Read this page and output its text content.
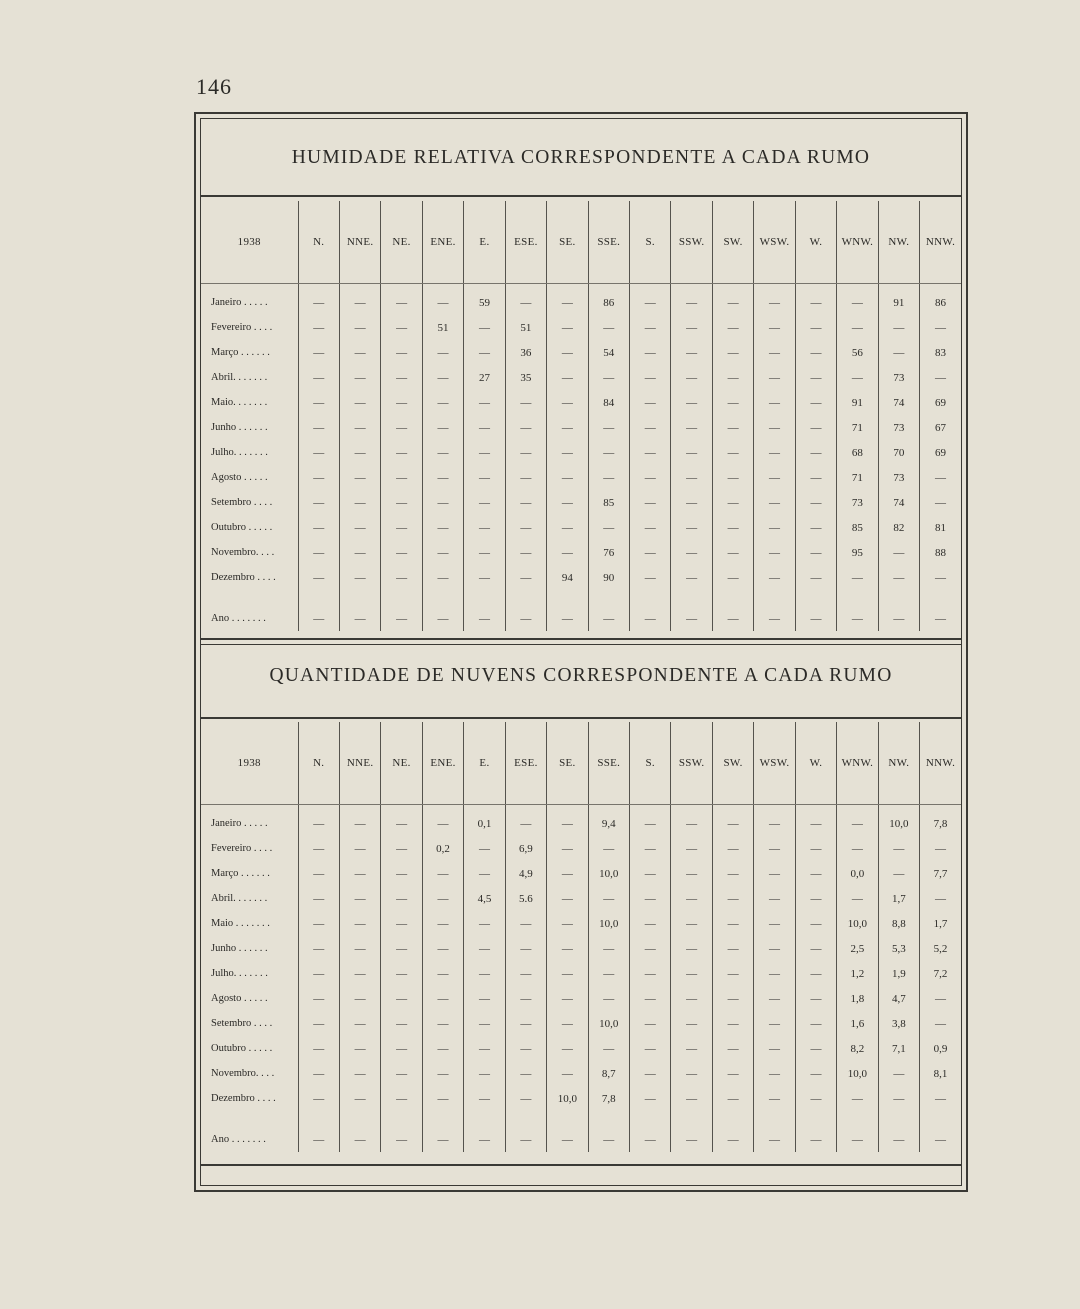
146
HUMIDADE RELATIVA CORRESPONDENTE A CADA RUMO
1938	N.	NNE.	NE.	ENE.	E.	ESE.	SE.	SSE.	S.	SSW.	SW.	WSW.	W.	WNW.	NW.	NNW.
Janeiro . . . . .	—	—	—	—	59	—	—	86	—	—	—	—	—	—	91	86
Fevereiro . . . .	—	—	—	51	—	51	—	—	—	—	—	—	—	—	—	—
Março . . . . . .	—	—	—	—	—	36	—	54	—	—	—	—	—	56	—	83
Abril. . . . . . .	—	—	—	—	27	35	—	—	—	—	—	—	—	—	73	—
Maio. . . . . . .	—	—	—	—	—	—	—	84	—	—	—	—	—	91	74	69
Junho . . . . . .	—	—	—	—	—	—	—	—	—	—	—	—	—	71	73	67
Julho. . . . . . .	—	—	—	—	—	—	—	—	—	—	—	—	—	68	70	69
Agosto . . . . .	—	—	—	—	—	—	—	—	—	—	—	—	—	71	73	—
Setembro . . . .	—	—	—	—	—	—	—	85	—	—	—	—	—	73	74	—
Outubro . . . . .	—	—	—	—	—	—	—	—	—	—	—	—	—	85	82	81
Novembro. . . .	—	—	—	—	—	—	—	76	—	—	—	—	—	95	—	88
Dezembro . . . .	—	—	—	—	—	—	94	90	—	—	—	—	—	—	—	—

Ano . . . . . . .	—	—	—	—	—	—	—	—	—	—	—	—	—	—	—	—
QUANTIDADE DE NUVENS CORRESPONDENTE A CADA RUMO
1938	N.	NNE.	NE.	ENE.	E.	ESE.	SE.	SSE.	S.	SSW.	SW.	WSW.	W.	WNW.	NW.	NNW.
Janeiro . . . . .	—	—	—	—	0,1	—	—	9,4	—	—	—	—	—	—	10,0	7,8
Fevereiro . . . .	—	—	—	0,2	—	6,9	—	—	—	—	—	—	—	—	—	—
Março . . . . . .	—	—	—	—	—	4,9	—	10,0	—	—	—	—	—	0,0	—	7,7
Abril. . . . . . .	—	—	—	—	4,5	5.6	—	—	—	—	—	—	—	—	1,7	—
Maio . . . . . . .	—	—	—	—	—	—	—	10,0	—	—	—	—	—	10,0	8,8	1,7
Junho . . . . . .	—	—	—	—	—	—	—	—	—	—	—	—	—	2,5	5,3	5,2
Julho. . . . . . .	—	—	—	—	—	—	—	—	—	—	—	—	—	1,2	1,9	7,2
Agosto . . . . .	—	—	—	—	—	—	—	—	—	—	—	—	—	1,8	4,7	—
Setembro . . . .	—	—	—	—	—	—	—	10,0	—	—	—	—	—	1,6	3,8	—
Outubro . . . . .	—	—	—	—	—	—	—	—	—	—	—	—	—	8,2	7,1	0,9
Novembro. . . .	—	—	—	—	—	—	—	8,7	—	—	—	—	—	10,0	—	8,1
Dezembro . . . .	—	—	—	—	—	—	10,0	7,8	—	—	—	—	—	—	—	—

Ano . . . . . . .	—	—	—	—	—	—	—	—	—	—	—	—	—	—	—	—
